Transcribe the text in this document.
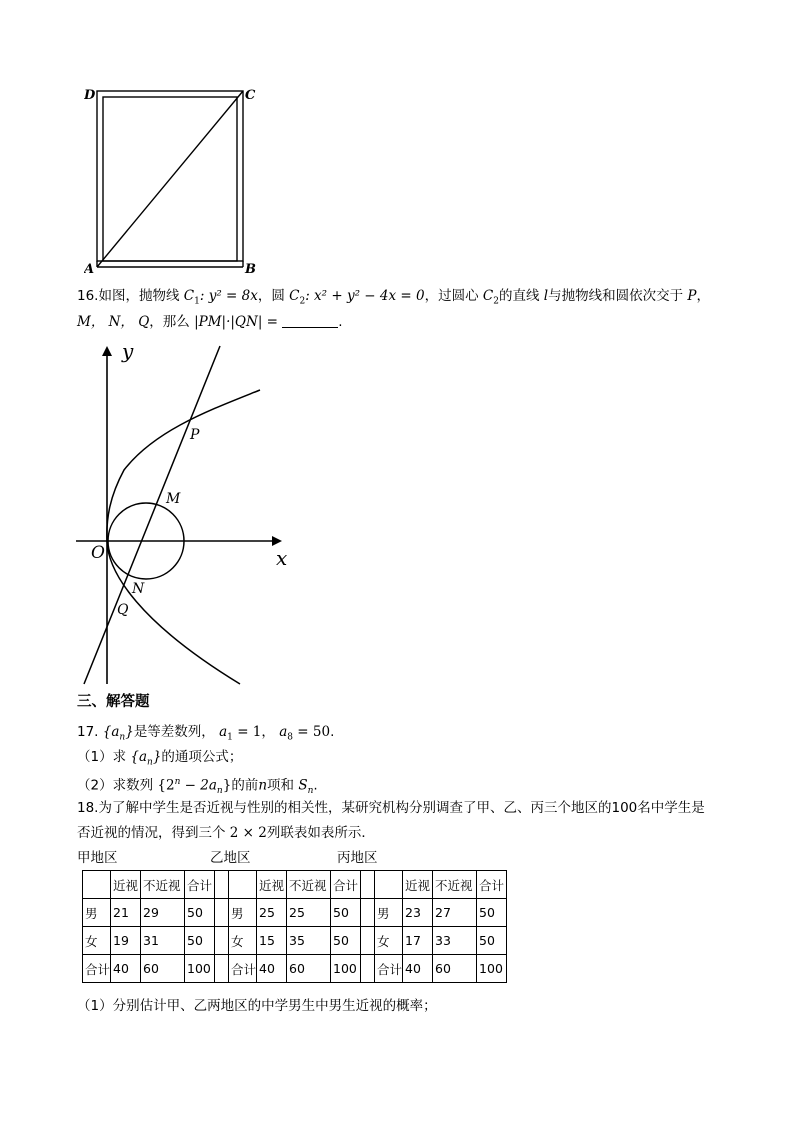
D	C
A	B
16.如图，抛物线 $C_1$: y² = 8x，圆 $C_2$: x² + y² − 4x = 0，过圆心 $C_2$的直线 l与抛物线和圆依次交于 P，
M， N， Q，那么 |PM|·|QN| =	.
y
x
O
P
M
N
Q
三、解答题
17. $\{a_n\}$是等差数列， $a_1 = 1$， $a_8 = 50$.
（1）求 $\{a_n\}$的通项公式；
（2）求数列 $\{2^n - 2a_n\}$的前n项和 $S_n$.
18.为了解中学生是否近视与性别的相关性，某研究机构分别调查了甲、乙、丙三个地区的100名中学生是
否近视的情况，得到三个 2 × 2列联表如表所示．
甲地区	乙地区	丙地区
	近视	不近视	合计			近视	不近视	合计			近视	不近视	合计
男	21	29	50		男	25	25	50		男	23	27	50
女	19	31	50		女	15	35	50		女	17	33	50
合计	40	60	100		合计	40	60	100		合计	40	60	100
（1）分别估计甲、乙两地区的中学男生中男生近视的概率；
